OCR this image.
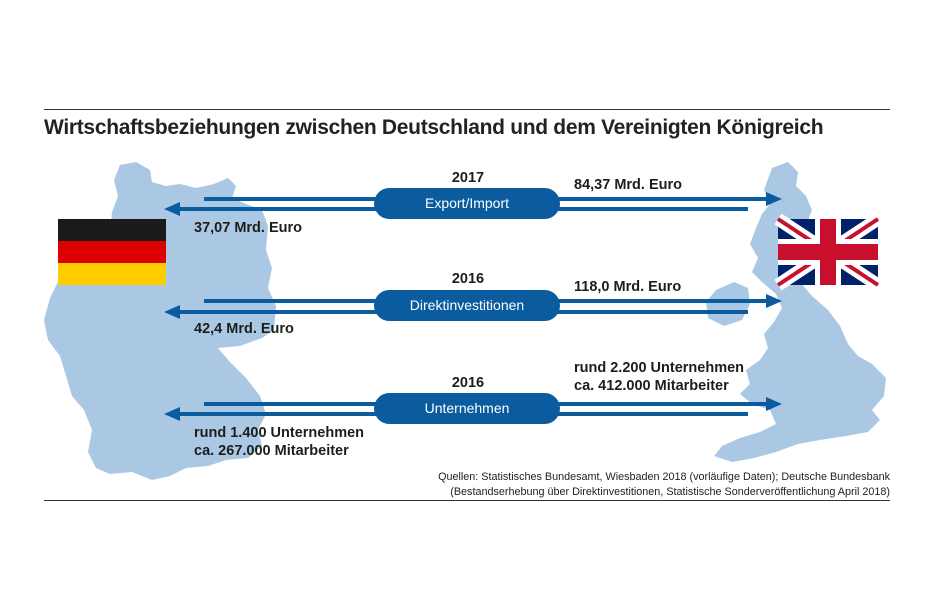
Wirtschaftsbeziehungen zwischen Deutschland und dem Vereinigten Königreich
2017
Export/Import
84,37 Mrd. Euro
37,07 Mrd. Euro
2016
Direktinvestitionen
118,0 Mrd. Euro
42,4 Mrd. Euro
2016
Unternehmen
rund 2.200 Unternehmen
ca. 412.000 Mitarbeiter
rund 1.400 Unternehmen
ca. 267.000 Mitarbeiter
Quellen: Statistisches Bundesamt, Wiesbaden 2018 (vorläufige Daten); Deutsche Bundesbank
(Bestandserhebung über Direktinvestitionen, Statistische Sonderveröffentlichung April 2018)
